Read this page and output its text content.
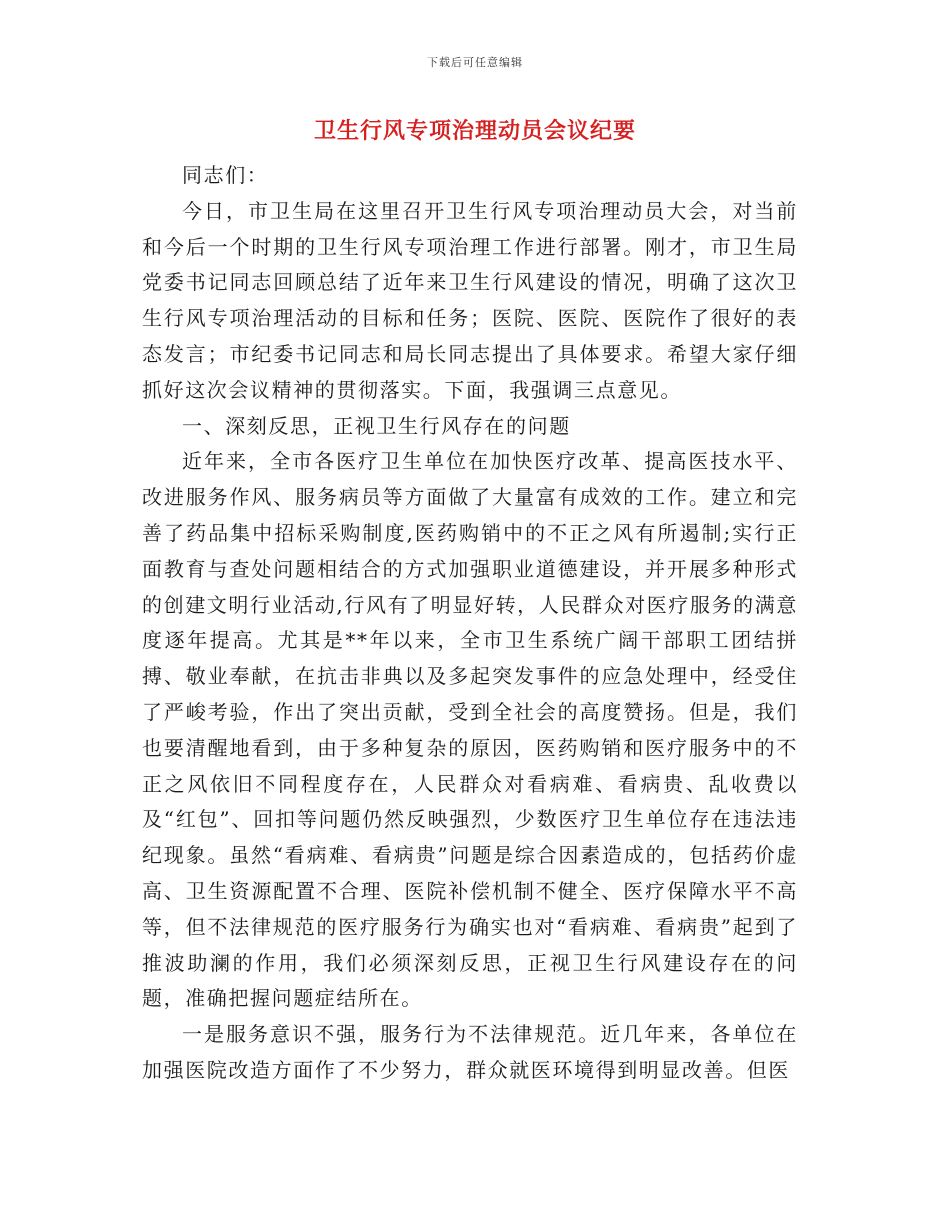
下载后可任意编辑
卫生行风专项治理动员会议纪要

同志们：

今日，市卫生局在这里召开卫生行风专项治理动员大会，对当前和今后一个时期的卫生行风专项治理工作进行部署。刚才，市卫生局党委书记同志回顾总结了近年来卫生行风建设的情况，明确了这次卫生行风专项治理活动的目标和任务；医院、医院、医院作了很好的表态发言；市纪委书记同志和局长同志提出了具体要求。希望大家仔细抓好这次会议精神的贯彻落实。下面，我强调三点意见。

一、深刻反思，正视卫生行风存在的问题

近年来，全市各医疗卫生单位在加快医疗改革、提高医技水平、改进服务作风、服务病员等方面做了大量富有成效的工作。建立和完善了药品集中招标采购制度,医药购销中的不正之风有所遏制;实行正面教育与查处问题相结合的方式加强职业道德建设，并开展多种形式的创建文明行业活动,行风有了明显好转，人民群众对医疗服务的满意度逐年提高。尤其是**年以来，全市卫生系统广阔干部职工团结拼搏、敬业奉献，在抗击非典以及多起突发事件的应急处理中，经受住了严峻考验，作出了突出贡献，受到全社会的高度赞扬。但是，我们也要清醒地看到，由于多种复杂的原因，医药购销和医疗服务中的不正之风依旧不同程度存在，人民群众对看病难、看病贵、乱收费以及“红包”、回扣等问题仍然反映强烈，少数医疗卫生单位存在违法违纪现象。虽然“看病难、看病贵”问题是综合因素造成的，包括药价虚高、卫生资源配置不合理、医院补偿机制不健全、医疗保障水平不高等，但不法律规范的医疗服务行为确实也对“看病难、看病贵”起到了推波助澜的作用，我们必须深刻反思，正视卫生行风建设存在的问题，准确把握问题症结所在。

一是服务意识不强，服务行为不法律规范。近几年来，各单位在加强医院改造方面作了不少努力，群众就医环境得到明显改善。但医
